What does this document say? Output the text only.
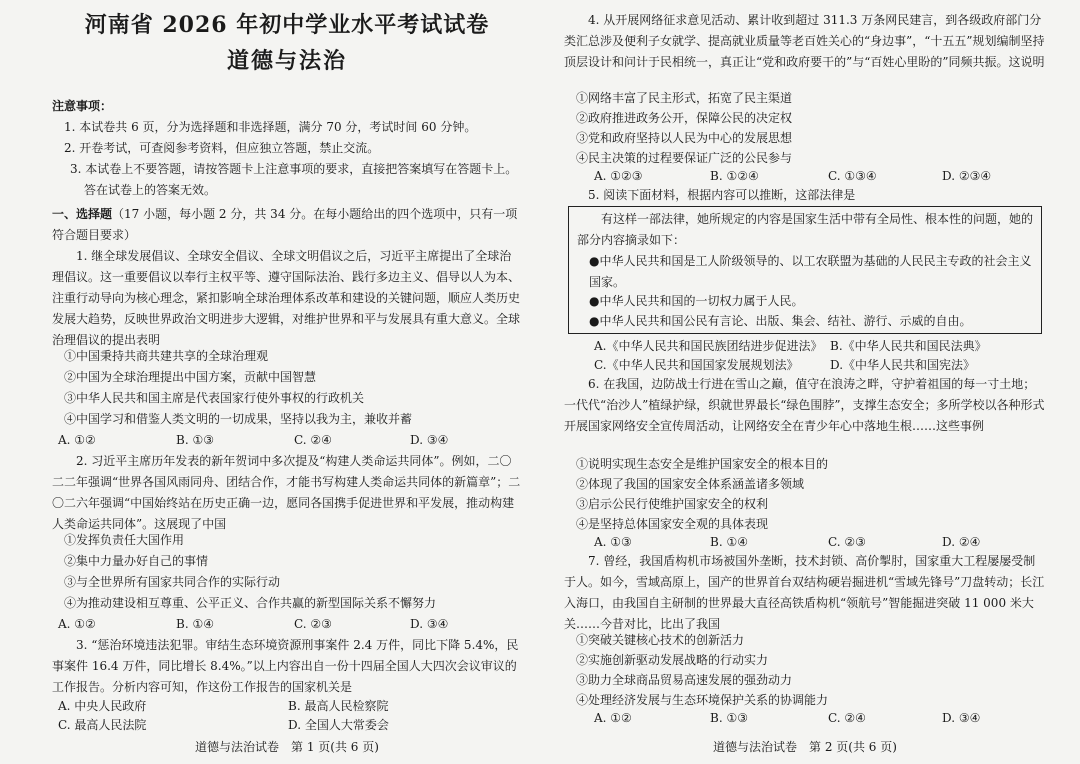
河南省 2026 年初中学业水平考试试卷
道德与法治
注意事项：
1. 本试卷共 6 页，分为选择题和非选择题，满分 70 分，考试时间 60 分钟。
2. 开卷考试，可查阅参考资料，但应独立答题，禁止交流。
3. 本试卷上不要答题，请按答题卡上注意事项的要求，直接把答案填写在答题卡上。答在试卷上的答案无效。
一、选择题（17 小题，每小题 2 分，共 34 分。在每小题给出的四个选项中，只有一项符合题目要求）
1. 继全球发展倡议、全球安全倡议、全球文明倡议之后，习近平主席提出了全球治理倡议。这一重要倡议以奉行主权平等、遵守国际法治、践行多边主义、倡导以人为本、注重行动导向为核心理念，紧扣影响全球治理体系改革和建设的关键问题，顺应人类历史发展大趋势，反映世界政治文明进步大逻辑，对维护世界和平与发展具有重大意义。全球治理倡议的提出表明
①中国秉持共商共建共享的全球治理观
②中国为全球治理提出中国方案，贡献中国智慧
③中华人民共和国主席是代表国家行使外事权的行政机关
④中国学习和借鉴人类文明的一切成果，坚持以我为主，兼收并蓄
A. ①②	B. ①③	C. ②④	D. ③④
2. 习近平主席历年发表的新年贺词中多次提及“构建人类命运共同体”。例如，二〇二二年强调“世界各国风雨同舟、团结合作，才能书写构建人类命运共同体的新篇章”；二〇二六年强调“中国始终站在历史正确一边，愿同各国携手促进世界和平发展，推动构建人类命运共同体”。这展现了中国
①发挥负责任大国作用
②集中力量办好自己的事情
③与全世界所有国家共同合作的实际行动
④为推动建设相互尊重、公平正义、合作共赢的新型国际关系不懈努力
A. ①②	B. ①④	C. ②③	D. ③④
3. “惩治环境违法犯罪。审结生态环境资源刑事案件 2.4 万件，同比下降 5.4%，民事案件 16.4 万件，同比增长 8.4%。”以上内容出自一份十四届全国人大四次会议审议的工作报告。分析内容可知，作这份工作报告的国家机关是
A. 中央人民政府	B. 最高人民检察院
C. 最高人民法院	D. 全国人大常委会
道德与法治试卷　第 1 页(共 6 页)
4. 从开展网络征求意见活动、累计收到超过 311.3 万条网民建言，到各级政府部门分类汇总涉及便利子女就学、提高就业质量等老百姓关心的“身边事”，“十五五”规划编制坚持顶层设计和问计于民相统一，真正让“党和政府要干的”与“百姓心里盼的”同频共振。这说明
①网络丰富了民主形式，拓宽了民主渠道
②政府推进政务公开，保障公民的决定权
③党和政府坚持以人民为中心的发展思想
④民主决策的过程要保证广泛的公民参与
A. ①②③	B. ①②④	C. ①③④	D. ②③④
5. 阅读下面材料，根据内容可以推断，这部法律是
有这样一部法律，她所规定的内容是国家生活中带有全局性、根本性的问题，她的部分内容摘录如下：
●中华人民共和国是工人阶级领导的、以工农联盟为基础的人民民主专政的社会主义国家。
●中华人民共和国的一切权力属于人民。
●中华人民共和国公民有言论、出版、集会、结社、游行、示威的自由。
A.《中华人民共和国民族团结进步促进法》 B.《中华人民共和国民法典》
C.《中华人民共和国国家发展规划法》	D.《中华人民共和国宪法》
6. 在我国，边防战士行进在雪山之巅，值守在浪涛之畔，守护着祖国的每一寸土地；一代代“治沙人”植绿护绿，织就世界最长“绿色围脖”，支撑生态安全；多所学校以各种形式开展国家网络安全宣传周活动，让网络安全在青少年心中落地生根……这些事例
①说明实现生态安全是维护国家安全的根本目的
②体现了我国的国家安全体系涵盖诸多领域
③启示公民行使维护国家安全的权利
④是坚持总体国家安全观的具体表现
A. ①③	B. ①④	C. ②③	D. ②④
7. 曾经，我国盾构机市场被国外垄断，技术封锁、高价掣肘，国家重大工程屡屡受制于人。如今，雪域高原上，国产的世界首台双结构硬岩掘进机“雪域先锋号”刀盘转动；长江入海口，由我国自主研制的世界最大直径高铁盾构机“领航号”智能掘进突破 11 000 米大关……今昔对比，比出了我国
①突破关键核心技术的创新活力
②实施创新驱动发展战略的行动实力
③助力全球商品贸易高速发展的强劲动力
④处理经济发展与生态环境保护关系的协调能力
A. ①②	B. ①③	C. ②④	D. ③④
道德与法治试卷　第 2 页(共 6 页)
